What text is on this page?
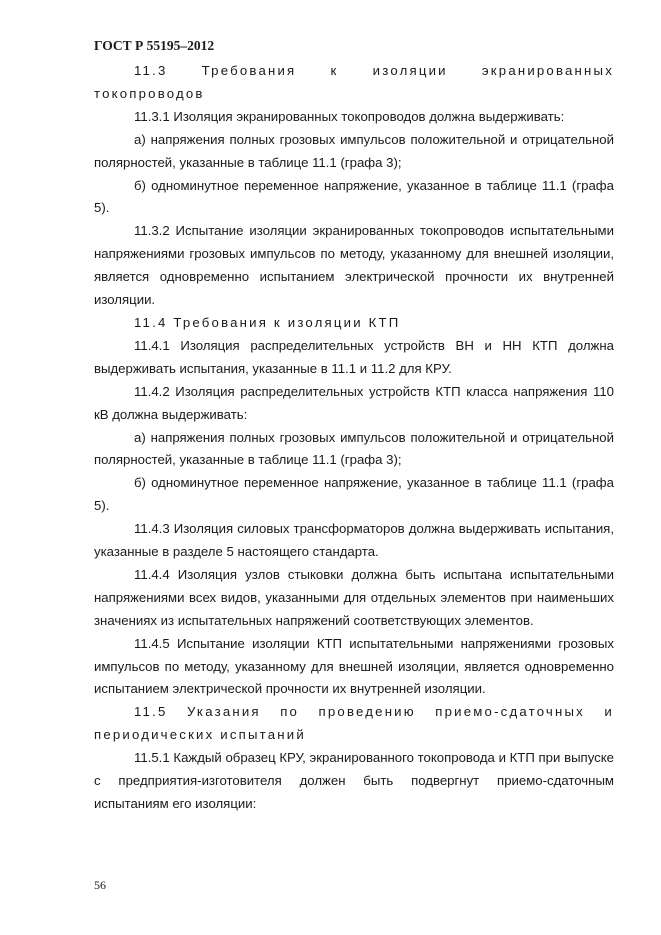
ГОСТ Р 55195–2012

11.3 Требования к изоляции экранированных токопроводов

11.3.1 Изоляция экранированных токопроводов должна выдерживать:

а) напряжения полных грозовых импульсов положительной и отрицательной полярностей, указанные в таблице 11.1 (графа 3);

б) одноминутное переменное напряжение, указанное в таблице 11.1 (графа 5).

11.3.2 Испытание изоляции экранированных токопроводов испытательными напряжениями грозовых импульсов по методу, указанному для внешней изоляции, является одновременно испытанием электрической прочности их внутренней изоляции.

11.4 Требования к изоляции КТП

11.4.1 Изоляция распределительных устройств ВН и НН КТП должна выдерживать испытания, указанные в 11.1 и 11.2 для КРУ.

11.4.2 Изоляция распределительных устройств КТП класса напряжения 110 кВ должна выдерживать:

а) напряжения полных грозовых импульсов положительной и отрицательной полярностей, указанные в таблице 11.1 (графа 3);

б) одноминутное переменное напряжение, указанное в таблице 11.1 (графа 5).

11.4.3 Изоляция силовых трансформаторов должна выдерживать испытания, указанные в разделе 5 настоящего стандарта.

11.4.4 Изоляция узлов стыковки должна быть испытана испытательными напряжениями всех видов, указанными для отдельных элементов при наименьших значениях из испытательных напряжений соответствующих элементов.

11.4.5 Испытание изоляции КТП испытательными напряжениями грозовых импульсов по методу, указанному для внешней изоляции, является одновременно испытанием электрической прочности их внутренней изоляции.

11.5 Указания по проведению приемо-сдаточных и периодических испытаний

11.5.1 Каждый образец КРУ, экранированного токопровода и КТП при выпуске с предприятия-изготовителя должен быть подвергнут приемо-сдаточным испытаниям его изоляции:

56
